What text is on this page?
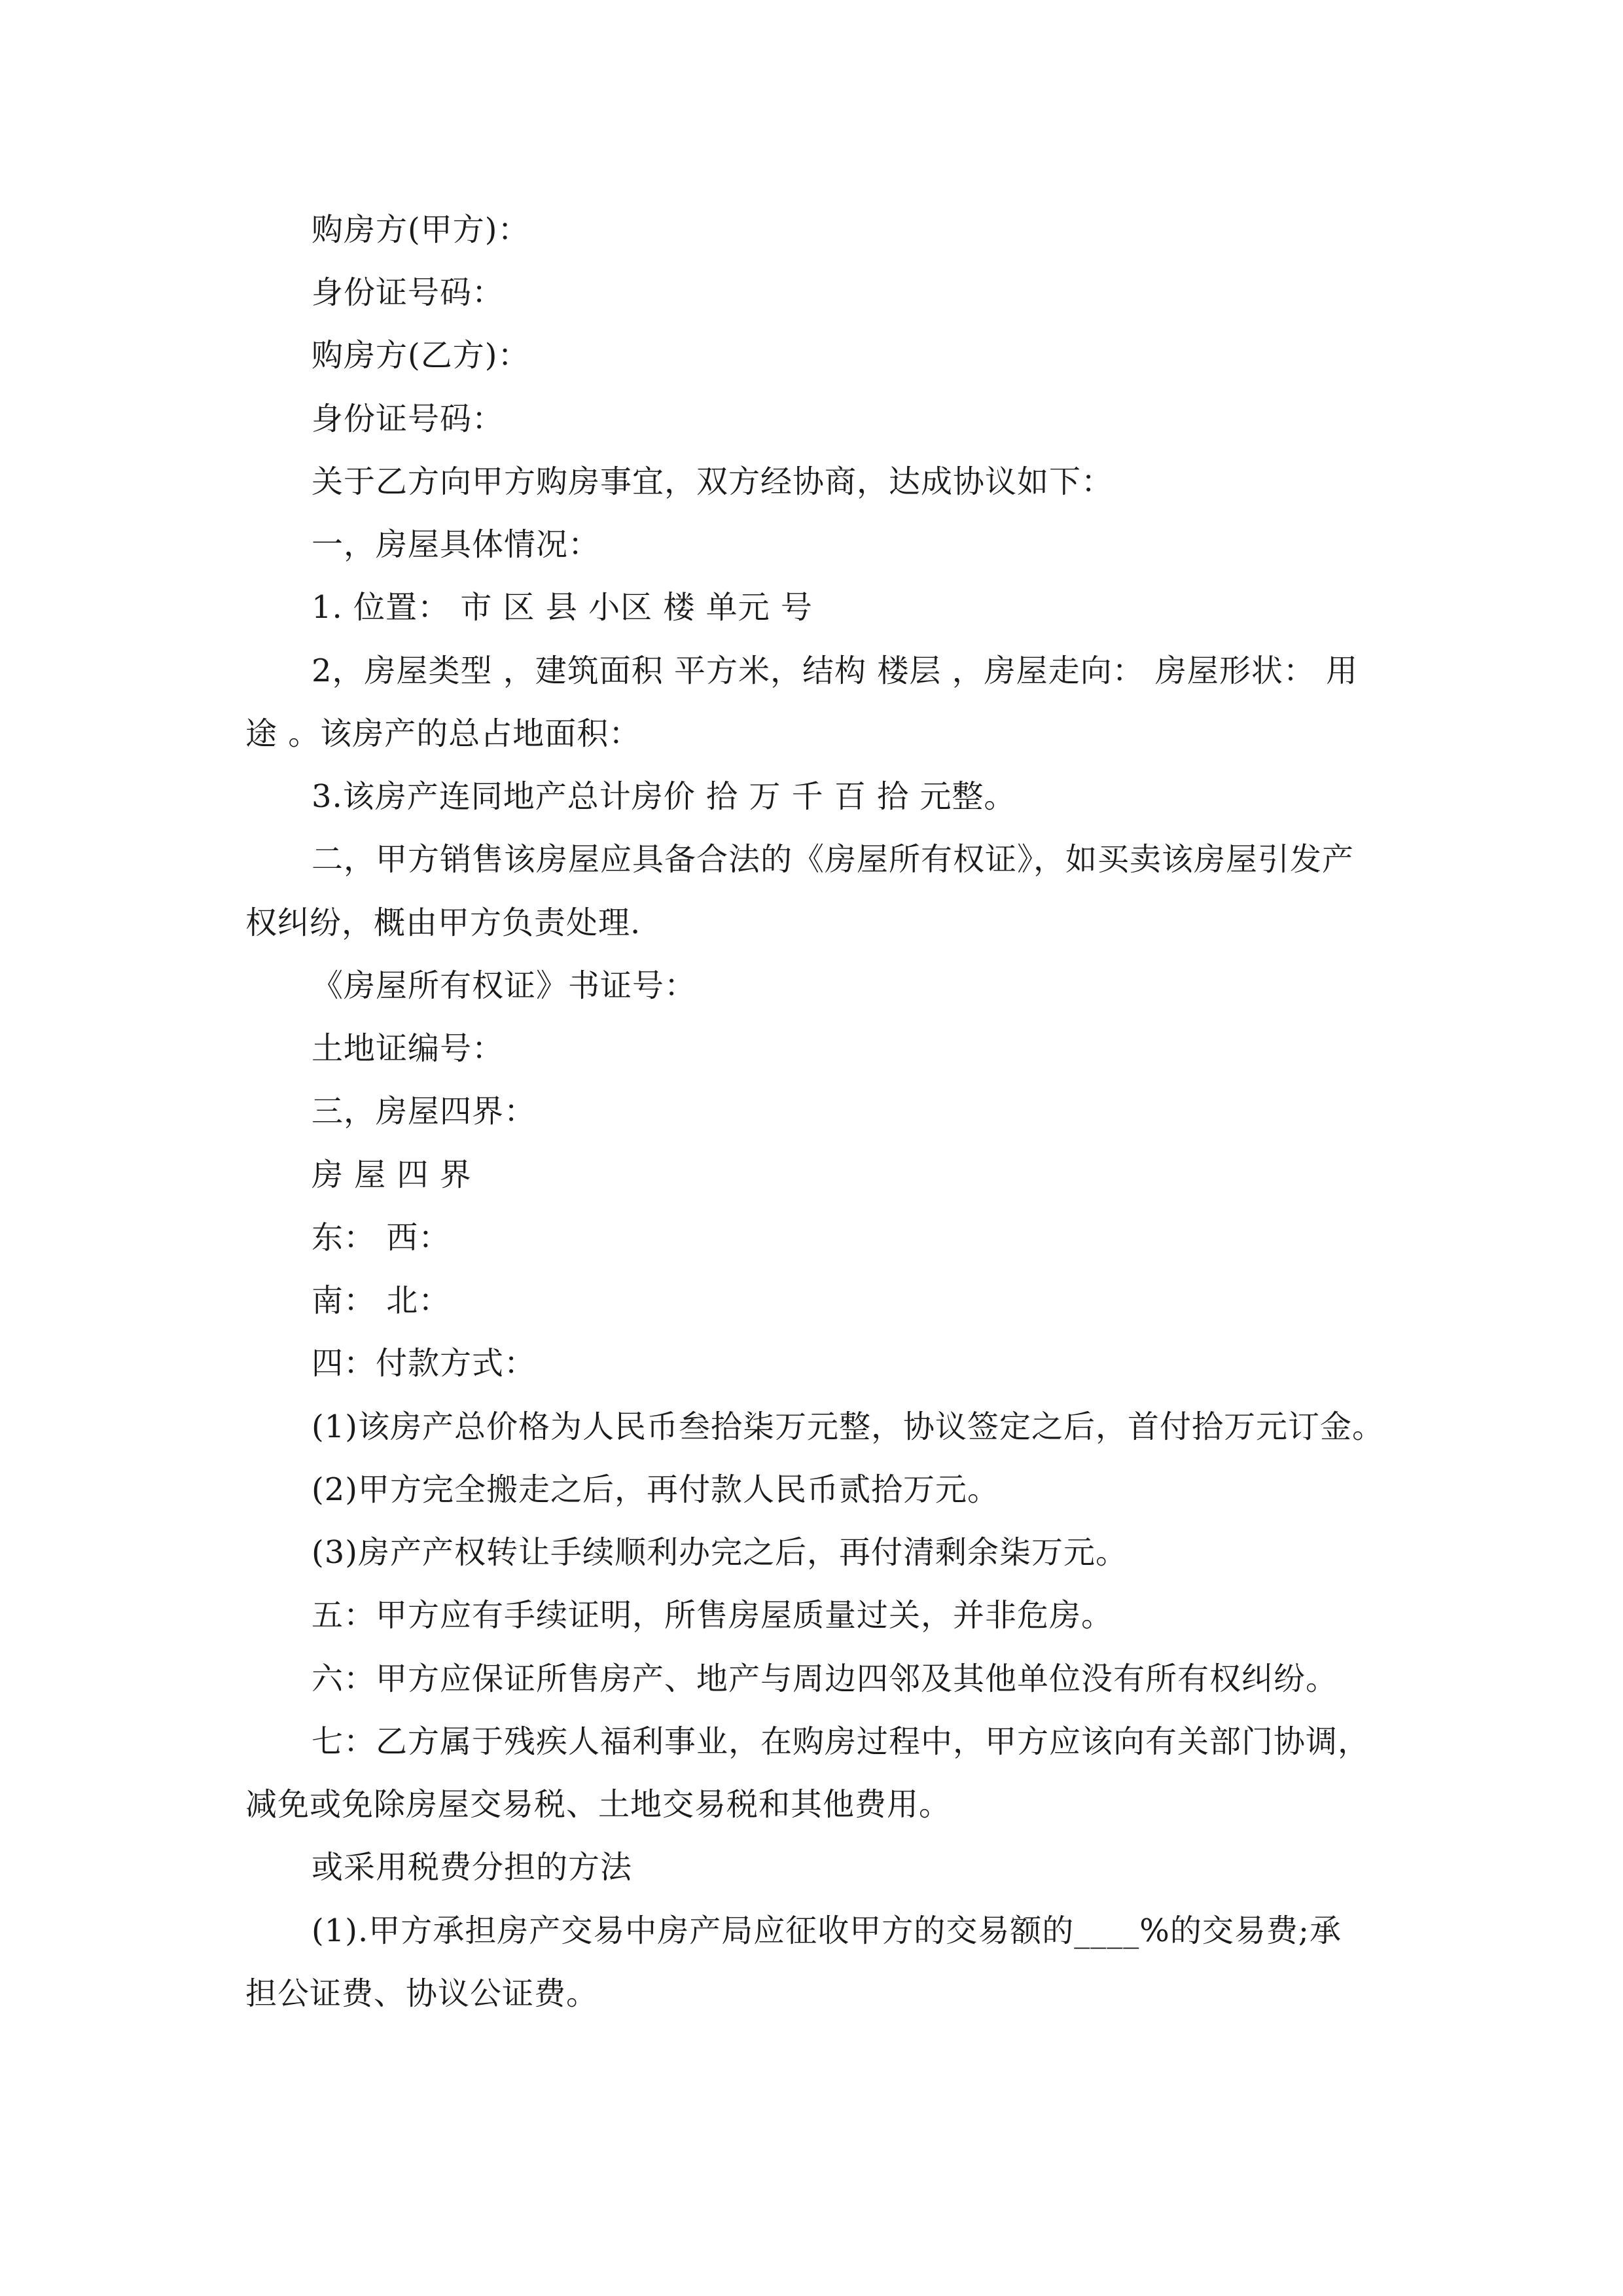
购房方(甲方)：
身份证号码：
购房方(乙方)：
身份证号码：
关于乙方向甲方购房事宜，双方经协商，达成协议如下：
一，房屋具体情况：
1. 位置： 市 区 县 小区 楼 单元 号
2，房屋类型 ，建筑面积 平方米，结构 楼层 ，房屋走向： 房屋形状： 用
途 。该房产的总占地面积：
3.该房产连同地产总计房价 拾 万 千 百 拾 元整。
二，甲方销售该房屋应具备合法的《房屋所有权证》，如买卖该房屋引发产
权纠纷，概由甲方负责处理.
《房屋所有权证》书证号：
土地证编号：
三，房屋四界：
房 屋 四 界
东： 西：
南： 北：
四：付款方式：
(1)该房产总价格为人民币叁拾柒万元整，协议签定之后，首付拾万元订金。
(2)甲方完全搬走之后，再付款人民币贰拾万元。
(3)房产产权转让手续顺利办完之后，再付清剩余柒万元。
五：甲方应有手续证明，所售房屋质量过关，并非危房。
六：甲方应保证所售房产、地产与周边四邻及其他单位没有所有权纠纷。
七：乙方属于残疾人福利事业，在购房过程中，甲方应该向有关部门协调，
减免或免除房屋交易税、土地交易税和其他费用。
或采用税费分担的方法
(1).甲方承担房产交易中房产局应征收甲方的交易额的____%的交易费;承
担公证费、协议公证费。
